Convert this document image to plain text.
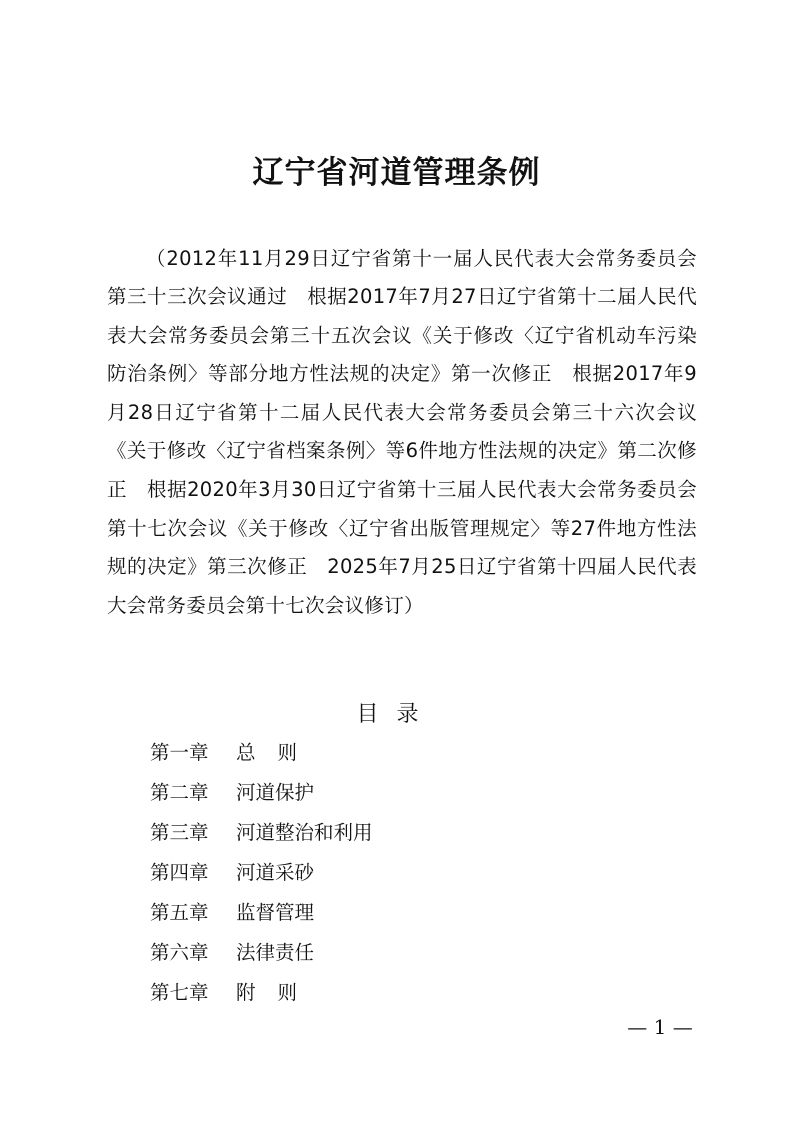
辽宁省河道管理条例

（2012年11月29日辽宁省第十一届人民代表大会常务委员会第三十三次会议通过　根据2017年7月27日辽宁省第十二届人民代表大会常务委员会第三十五次会议《关于修改〈辽宁省机动车污染防治条例〉等部分地方性法规的决定》第一次修正　根据2017年9月28日辽宁省第十二届人民代表大会常务委员会第三十六次会议《关于修改〈辽宁省档案条例〉等6件地方性法规的决定》第二次修正　根据2020年3月30日辽宁省第十三届人民代表大会常务委员会第十七次会议《关于修改〈辽宁省出版管理规定〉等27件地方性法规的决定》第三次修正　2025年7月25日辽宁省第十四届人民代表大会常务委员会第十七次会议修订）

目录
第一章 总则
第二章 河道保护
第三章 河道整治和利用
第四章 河道采砂
第五章 监督管理
第六章 法律责任
第七章 附则
— 1 —
